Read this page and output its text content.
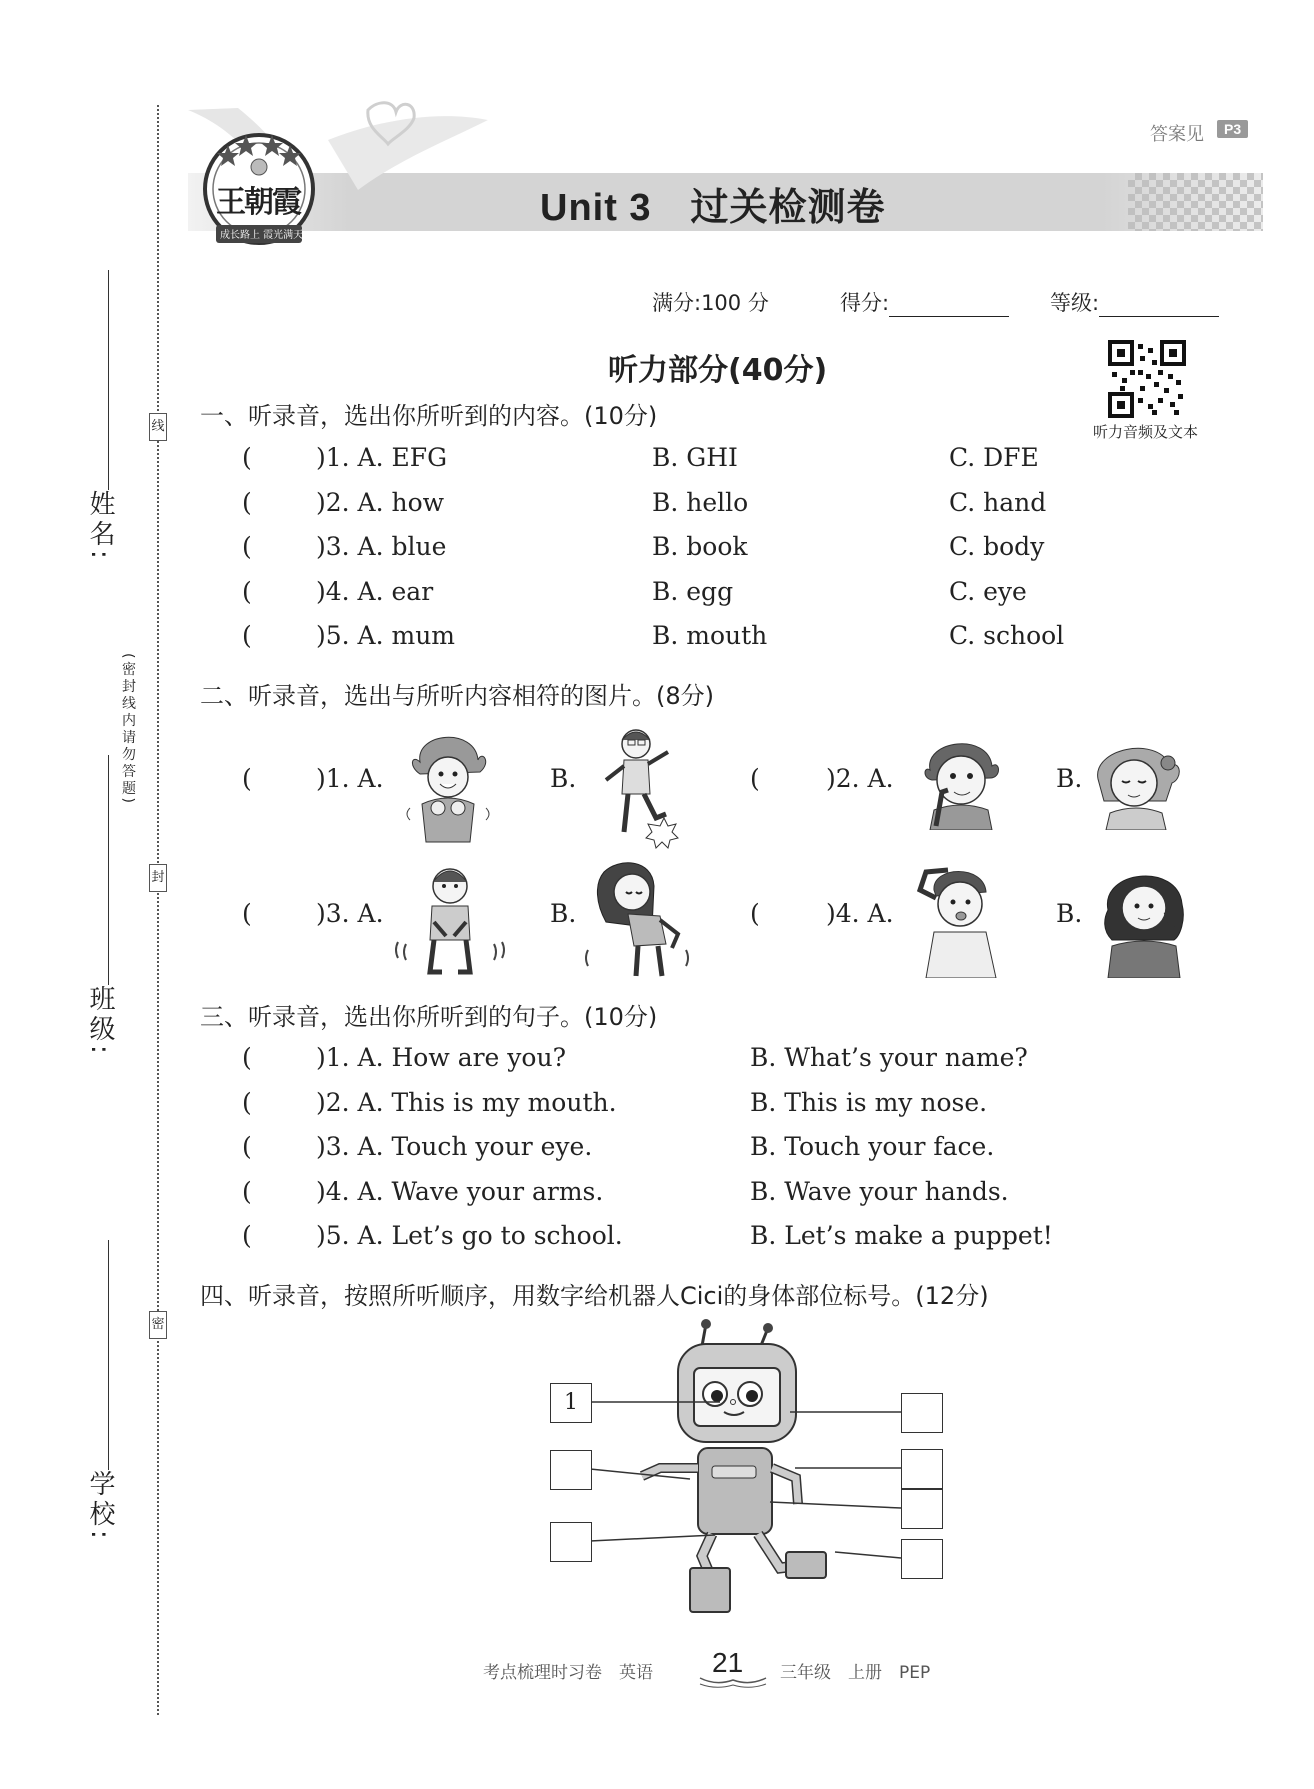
线
封
密
(密封线内请勿答题)
姓名:
班级:
学校:
王朝霞
成长路上 霞光满天
答案见	P3
Unit 3　过关检测卷
满分:100 分	得分:	等级:
听力部分(40分)
听力音频及文本
一、听录音，选出你所听到的内容。(10分)
(	)1. A. EFG	B. GHI	C. DFE
(	)2. A. how	B. hello	C. hand
(	)3. A. blue	B. book	C. body
(	)4. A. ear	B. egg	C. eye
(	)5. A. mum	B. mouth	C. school
二、听录音，选出与所听内容相符的图片。(8分)
(	)1. A.	B.	(	)2. A.	B.
(	)3. A.	B.	(	)4. A.	B.
三、听录音，选出你所听到的句子。(10分)
(	)1. A. How are you?	B. What’s your name?
(	)2. A. This is my mouth.	B. This is my nose.
(	)3. A. Touch your eye.	B. Touch your face.
(	)4. A. Wave your arms.	B. Wave your hands.
(	)5. A. Let’s go to school.	B. Let’s make a puppet!
四、听录音，按照所听顺序，用数字给机器人Cici的身体部位标号。(12分)
1
考点梳理时习卷　英语 21 三年级　上册　PEP
